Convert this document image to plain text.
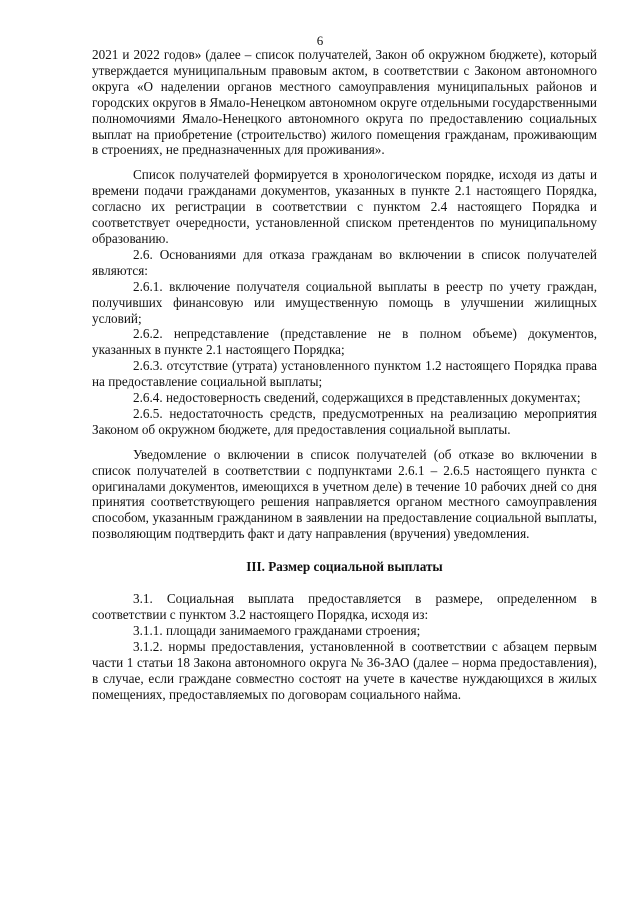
6

2021 и 2022 годов» (далее – список получателей, Закон об окружном бюджете), который утверждается муниципальным правовым актом, в соответствии с Законом автономного округа «О наделении органов местного самоуправления муниципальных районов и городских округов в Ямало-Ненецком автономном округе отдельными государственными полномочиями Ямало-Ненецкого автономного округа по предоставлению социальных выплат на приобретение (строительство) жилого помещения гражданам, проживающим в строениях, не предназначенных для проживания».

Список получателей формируется в хронологическом порядке, исходя из даты и времени подачи гражданами документов, указанных в пункте 2.1 настоящего Порядка, согласно их регистрации в соответствии с пунктом 2.4 настоящего Порядка и соответствует очередности, установленной списком претендентов по муниципальному образованию.

2.6. Основаниями для отказа гражданам во включении в список получателей являются:

2.6.1. включение получателя социальной выплаты в реестр по учету граждан, получивших финансовую или имущественную помощь в улучшении жилищных условий;

2.6.2. непредставление (представление не в полном объеме) документов, указанных в пункте 2.1 настоящего Порядка;

2.6.3. отсутствие (утрата) установленного пунктом 1.2 настоящего Порядка права на предоставление социальной выплаты;

2.6.4. недостоверность сведений, содержащихся в представленных документах;

2.6.5. недостаточность средств, предусмотренных на реализацию мероприятия Законом об окружном бюджете, для предоставления социальной выплаты.

Уведомление о включении в список получателей (об отказе во включении в список получателей в соответствии с подпунктами 2.6.1 – 2.6.5 настоящего пункта с оригиналами документов, имеющихся в учетном деле) в течение 10 рабочих дней со дня принятия соответствующего решения направляется органом местного самоуправления способом, указанным гражданином в заявлении на предоставление социальной выплаты, позволяющим подтвердить факт и дату направления (вручения) уведомления.

III. Размер социальной выплаты

3.1. Социальная выплата предоставляется в размере, определенном в соответствии с пунктом 3.2 настоящего Порядка, исходя из:

3.1.1. площади занимаемого гражданами строения;

3.1.2. нормы предоставления, установленной в соответствии с абзацем первым части 1 статьи 18 Закона автономного округа № 36-ЗАО (далее – норма предоставления), в случае, если граждане совместно состоят на учете в качестве нуждающихся в жилых помещениях, предоставляемых по договорам социального найма.
